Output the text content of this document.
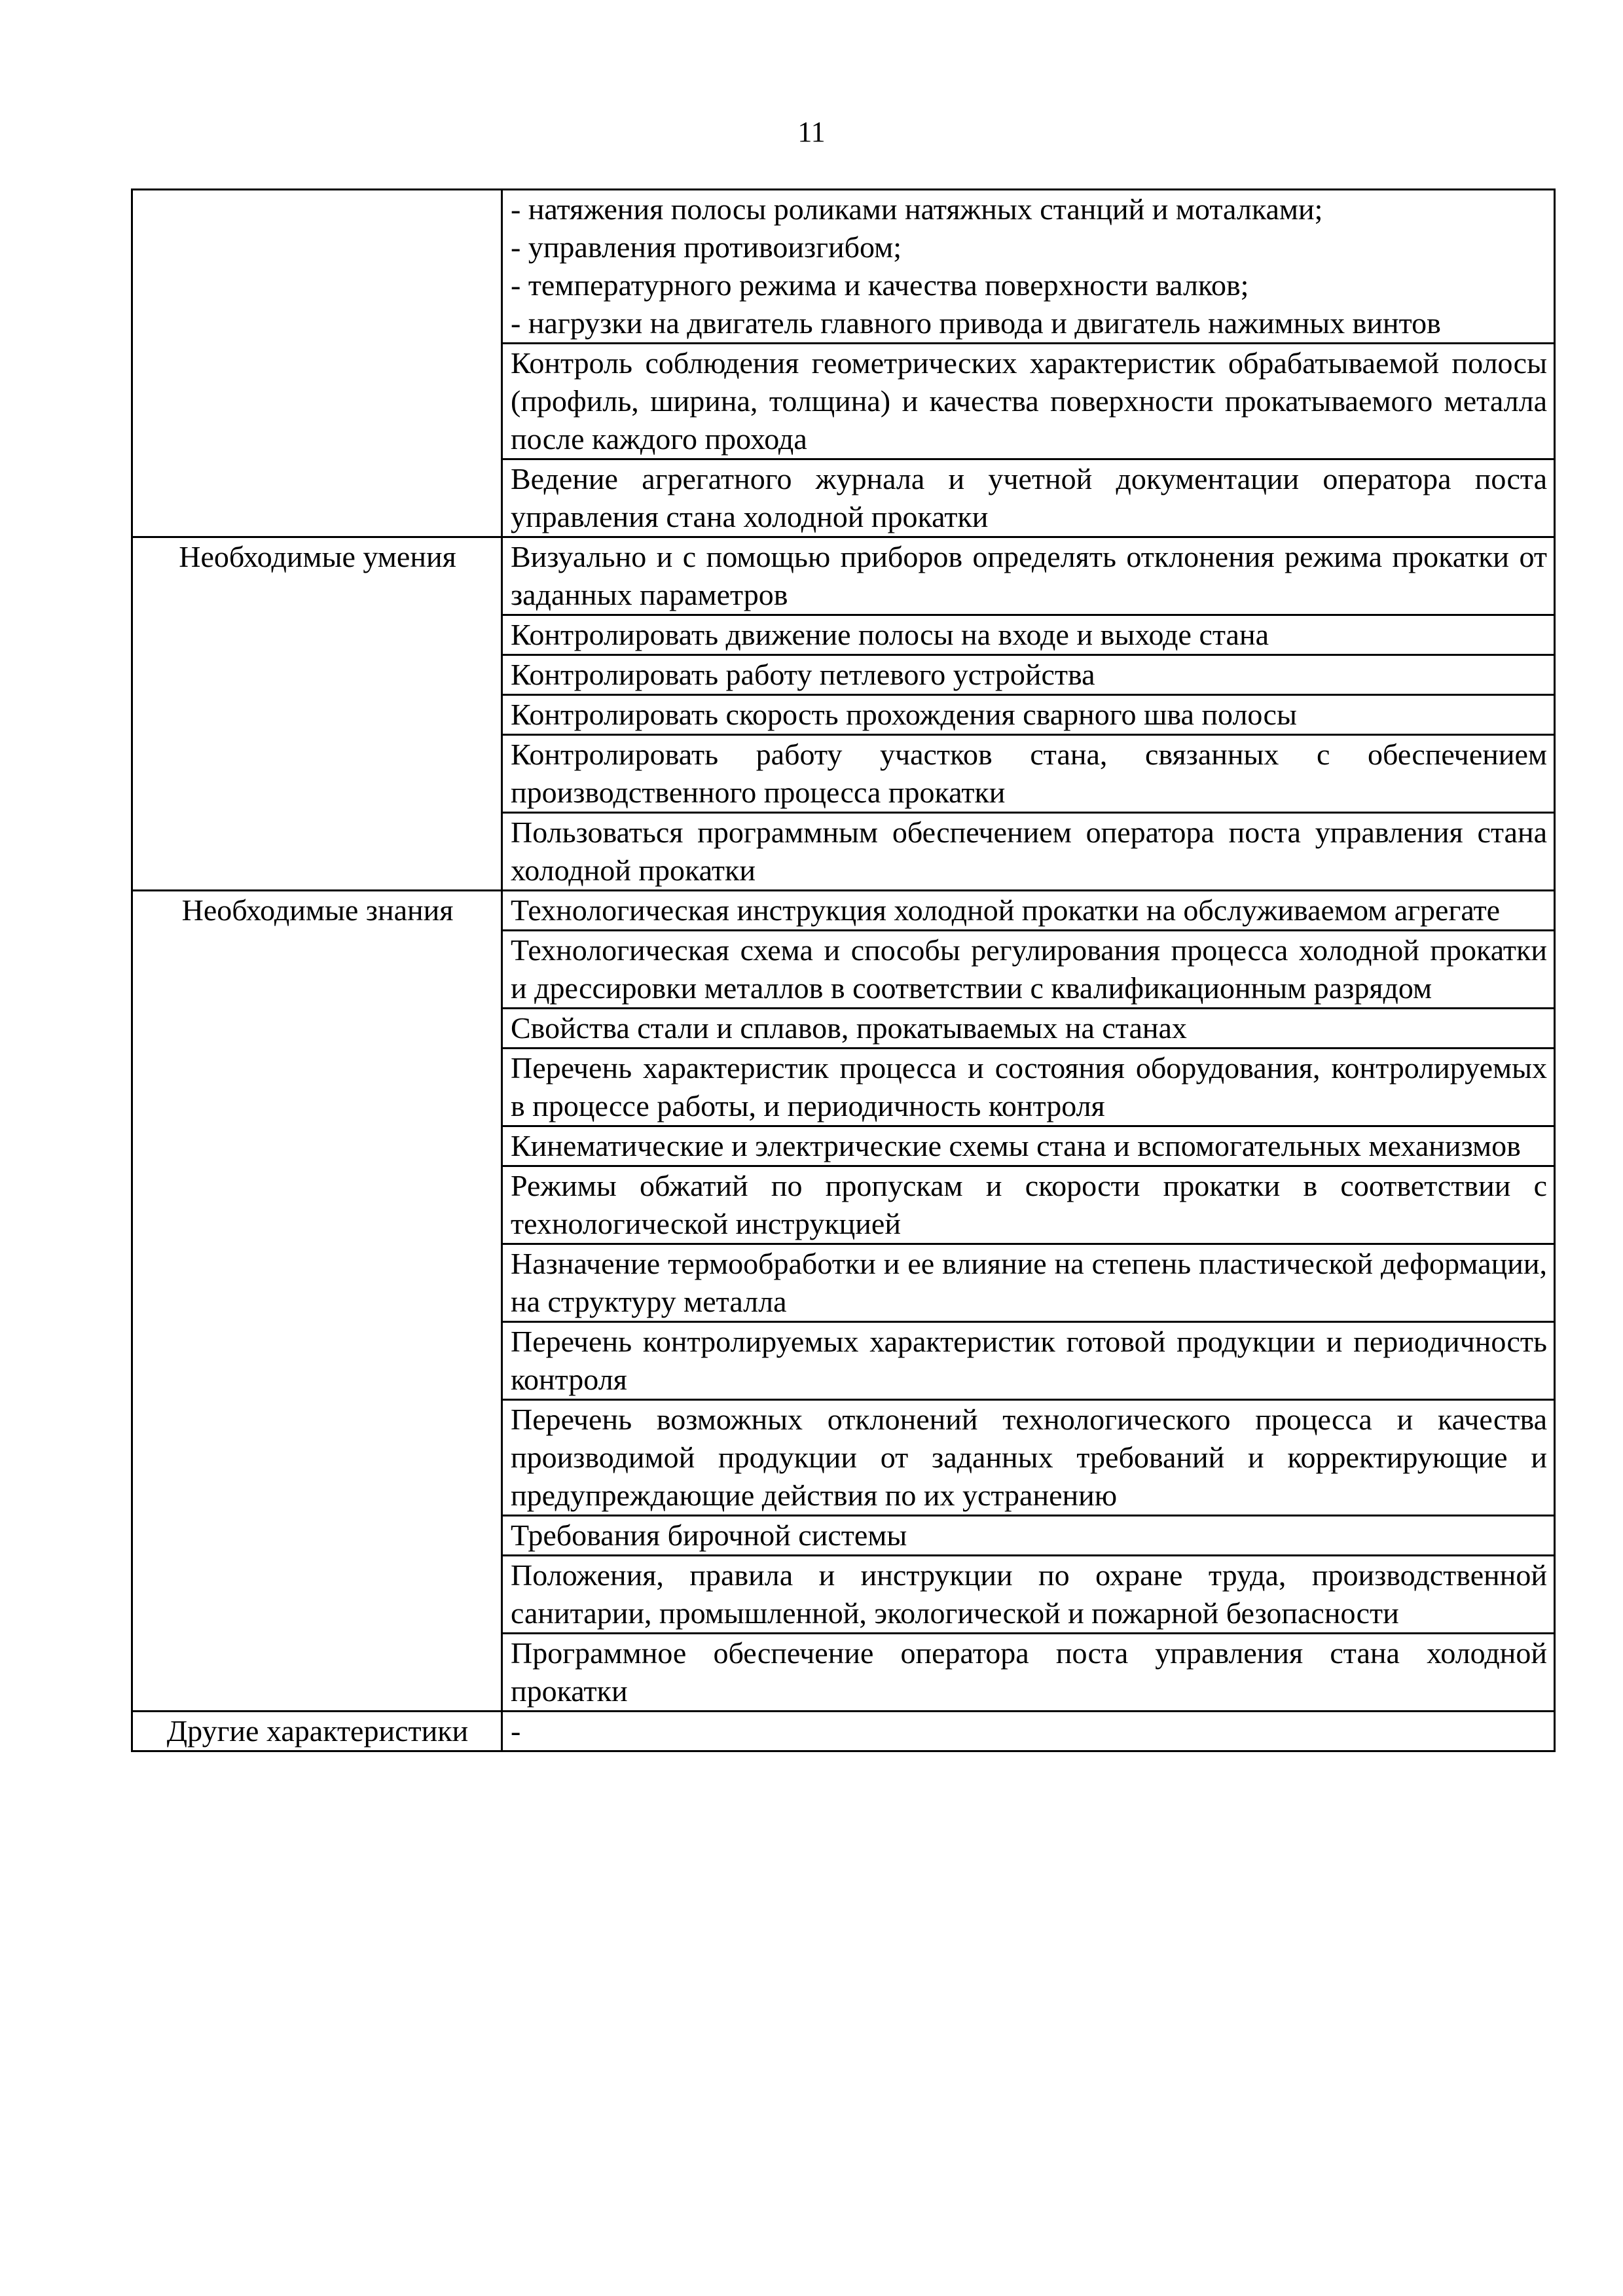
11

	- натяжения полосы роликами натяжных станций и моталками;
- управления противоизгибом;
- температурного режима и качества поверхности валков;
- нагрузки на двигатель главного привода и двигатель нажимных винтов

	Контроль соблюдения геометрических характеристик обрабатываемой полосы (профиль, ширина, толщина) и качества поверхности прокатываемого металла после каждого прохода
	Ведение агрегатного журнала и учетной документации оператора поста управления стана холодной прокатки
Необходимые умения	Визуально и с помощью приборов определять отклонения режима прокатки от заданных параметров
	Контролировать движение полосы на входе и выходе стана
	Контролировать работу петлевого устройства
	Контролировать скорость прохождения сварного шва полосы
	Контролировать работу участков стана, связанных с обеспечением производственного процесса прокатки
	Пользоваться программным обеспечением оператора поста управления стана холодной прокатки
Необходимые знания	Технологическая инструкция холодной прокатки на обслуживаемом агрегате
	Технологическая схема и способы регулирования процесса холодной прокатки и дрессировки металлов в соответствии с квалификационным разрядом
	Свойства стали и сплавов, прокатываемых на станах
	Перечень характеристик процесса и состояния оборудования, контролируемых в процессе работы, и периодичность контроля
	Кинематические и электрические схемы стана и вспомогательных механизмов
	Режимы обжатий по пропускам и скорости прокатки в соответствии с технологической инструкцией
	Назначение термообработки и ее влияние на степень пластической деформации, на структуру металла
	Перечень контролируемых характеристик готовой продукции и периодичность контроля
	Перечень возможных отклонений технологического процесса и качества производимой продукции от заданных требований и корректирующие и предупреждающие действия по их устранению
	Требования бирочной системы
	Положения, правила и инструкции по охране труда, производственной санитарии, промышленной, экологической и пожарной безопасности
	Программное обеспечение оператора поста управления стана холодной прокатки
Другие характеристики	-
